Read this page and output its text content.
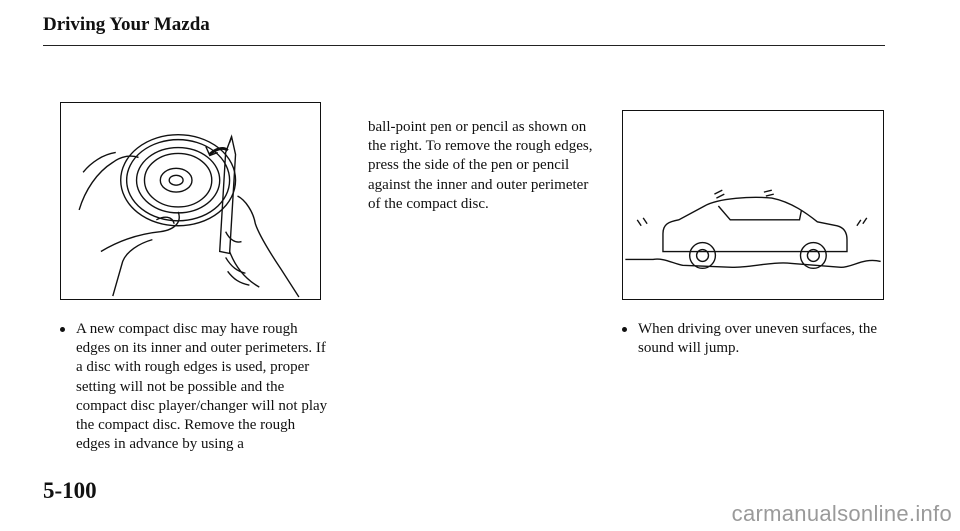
Driving Your Mazda

ball-point pen or pencil as shown on the right. To remove the rough edges, press the side of the pen or pencil against the inner and outer perimeter of the compact disc.

A new compact disc may have rough edges on its inner and outer perimeters. If a disc with rough edges is used, proper setting will not be possible and the compact disc player/changer will not play the compact disc. Remove the rough edges in advance by using a
When driving over uneven surfaces, the sound will jump.
5-100
carmanualsonline.info
